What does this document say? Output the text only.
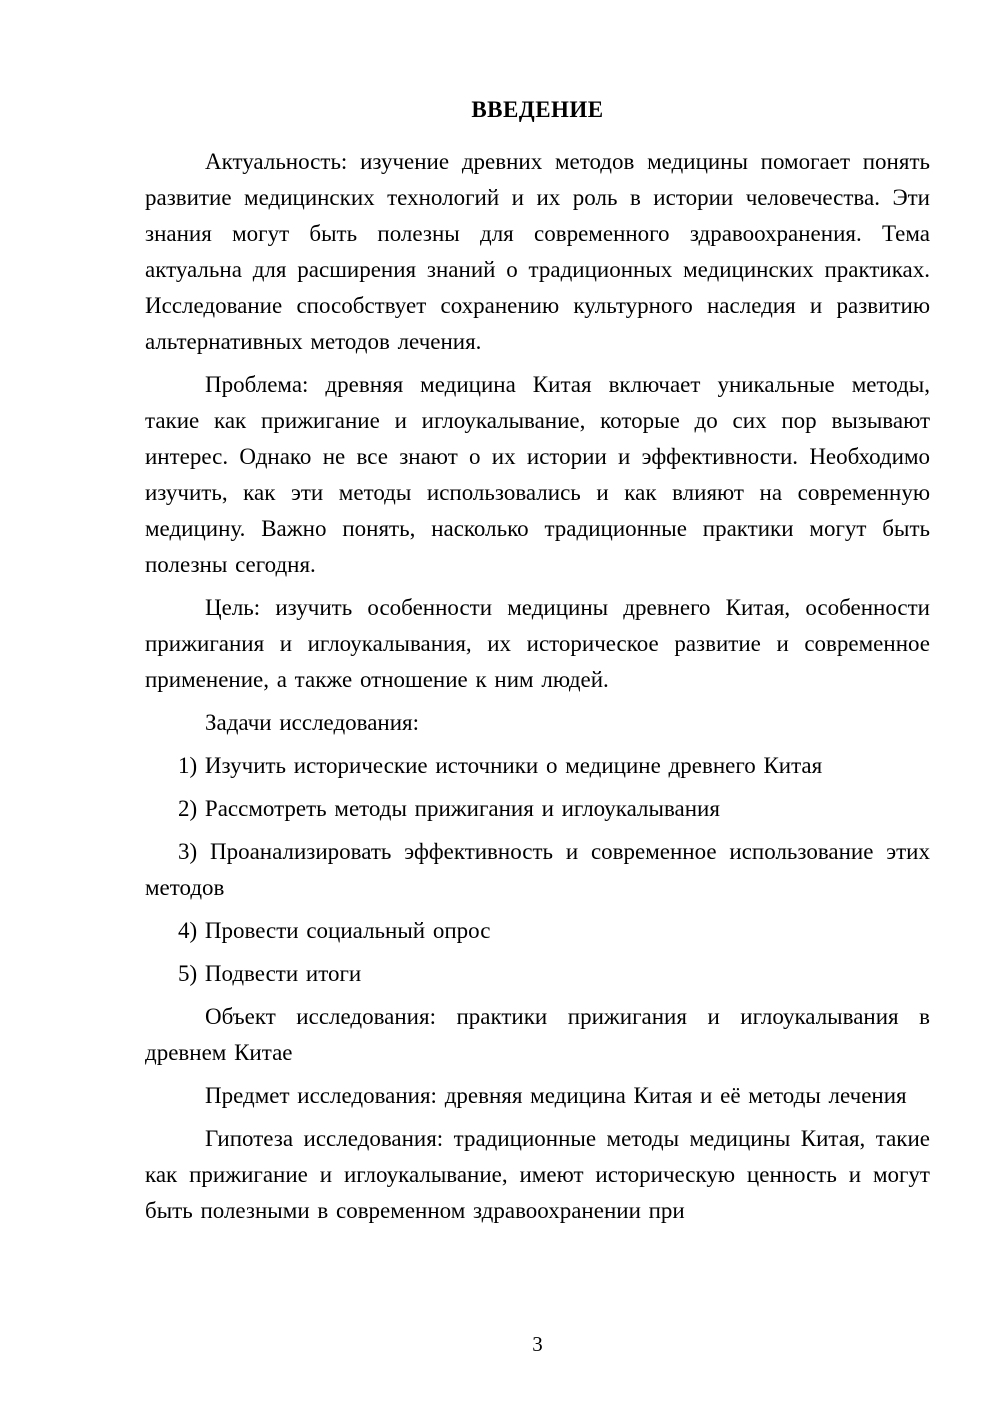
ВВЕДЕНИЕ

Актуальность: изучение древних методов медицины помогает понять развитие медицинских технологий и их роль в истории человечества. Эти знания могут быть полезны для современного здравоохранения. Тема актуальна для расширения знаний о традиционных медицинских практиках. Исследование способствует сохранению культурного наследия и развитию альтернативных методов лечения.

Проблема: древняя медицина Китая включает уникальные методы, такие как прижигание и иглоукалывание, которые до сих пор вызывают интерес. Однако не все знают о их истории и эффективности. Необходимо изучить, как эти методы использовались и как влияют на современную медицину. Важно понять, насколько традиционные практики могут быть полезны сегодня.

Цель: изучить особенности медицины древнего Китая, особенности прижигания и иглоукалывания, их историческое развитие и современное применение, а также отношение к ним людей.

Задачи исследования:

1) Изучить исторические источники о медицине древнего Китая

2) Рассмотреть методы прижигания и иглоукалывания

3) Проанализировать эффективность и современное использование этих методов

4) Провести социальный опрос

5) Подвести итоги

Объект исследования: практики прижигания и иглоукалывания в древнем Китае

Предмет исследования: древняя медицина Китая и её методы лечения

Гипотеза исследования: традиционные методы медицины Китая, такие как прижигание и иглоукалывание, имеют историческую ценность и могут быть полезными в современном здравоохранении при

3
